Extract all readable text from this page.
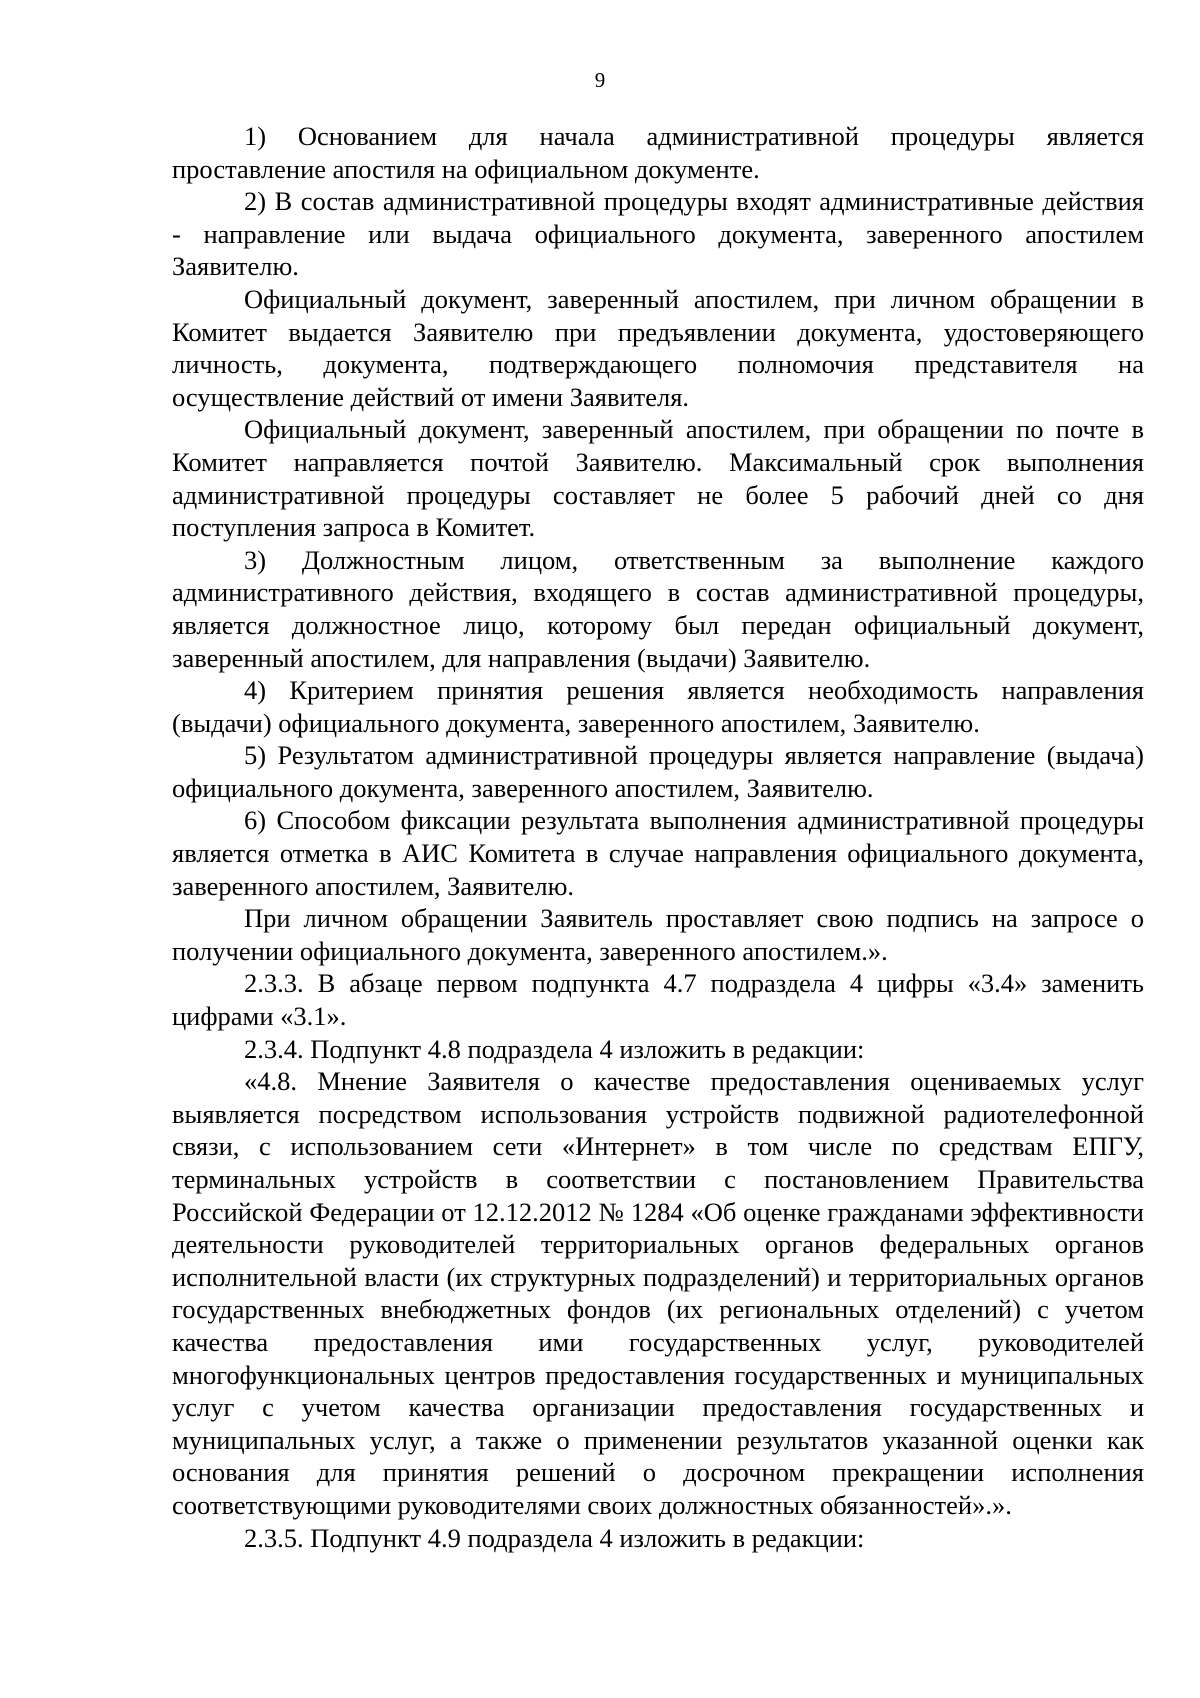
9

1) Основанием для начала административной процедуры является проставление апостиля на официальном документе.

2) В состав административной процедуры входят административные действия - направление или выдача официального документа, заверенного апостилем Заявителю.

Официальный документ, заверенный апостилем, при личном обращении в Комитет выдается Заявителю при предъявлении документа, удостоверяющего личность, документа, подтверждающего полномочия представителя на осуществление действий от имени Заявителя.

Официальный документ, заверенный апостилем, при обращении по почте в Комитет направляется почтой Заявителю. Максимальный срок выполнения административной процедуры составляет не более 5 рабочий дней со дня поступления запроса в Комитет.

3) Должностным лицом, ответственным за выполнение каждого административного действия, входящего в состав административной процедуры, является должностное лицо, которому был передан официальный документ, заверенный апостилем, для направления (выдачи) Заявителю.

4) Критерием принятия решения является необходимость направления (выдачи) официального документа, заверенного апостилем, Заявителю.

5) Результатом административной процедуры является направление (выдача) официального документа, заверенного апостилем, Заявителю.

6) Способом фиксации результата выполнения административной процедуры является отметка в АИС Комитета в случае направления официального документа, заверенного апостилем, Заявителю.

При личном обращении Заявитель проставляет свою подпись на запросе о получении официального документа, заверенного апостилем.».

2.3.3. В абзаце первом подпункта 4.7 подраздела 4 цифры «3.4» заменить цифрами «3.1».

2.3.4. Подпункт 4.8 подраздела 4 изложить в редакции:

«4.8. Мнение Заявителя о качестве предоставления оцениваемых услуг выявляется посредством использования устройств подвижной радиотелефонной связи, с использованием сети «Интернет» в том числе по средствам ЕПГУ, терминальных устройств в соответствии с постановлением Правительства Российской Федерации от 12.12.2012 № 1284 «Об оценке гражданами эффективности деятельности руководителей территориальных органов федеральных органов исполнительной власти (их структурных подразделений) и территориальных органов государственных внебюджетных фондов (их региональных отделений) с учетом качества предоставления ими государственных услуг, руководителей многофункциональных центров предоставления государственных и муниципальных услуг с учетом качества организации предоставления государственных и муниципальных услуг, а также о применении результатов указанной оценки как основания для принятия решений о досрочном прекращении исполнения соответствующими руководителями своих должностных обязанностей».».

2.3.5. Подпункт 4.9 подраздела 4 изложить в редакции:
